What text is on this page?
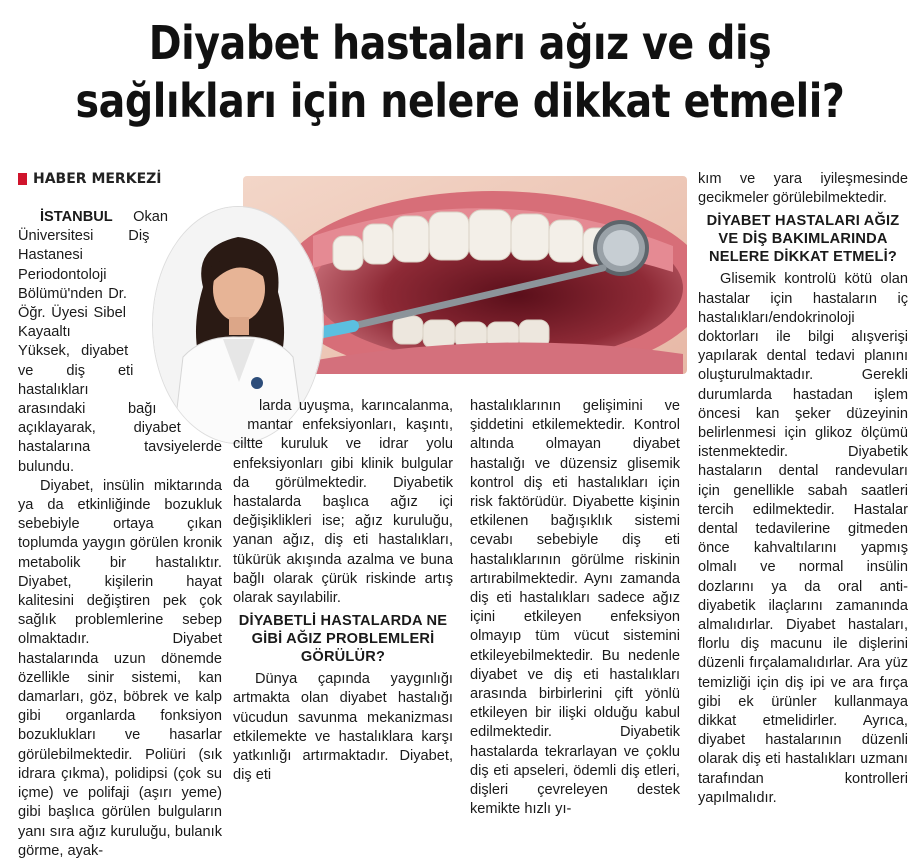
Diyabet hastaları ağız ve diş
sağlıkları için nelere dikkat etmeli?
HABER MERKEZİ

İSTANBUL Okan Üniversitesi Diş Hastanesi Periodontoloji Bölümü'nden Dr. Öğr. Üyesi Sibel Kayaaltı Yüksek, diyabet ve diş eti hastalıkları arasındaki bağı açıklayarak, diyabet hastalarına tavsiyelerde bulundu.

Diyabet, insülin miktarında ya da etkinliğinde bozukluk sebebiyle ortaya çıkan toplumda yaygın görülen kronik metabolik bir hastalıktır. Diyabet, kişilerin hayat kalitesini değiştiren pek çok sağlık problemlerine sebep olmaktadır. Diyabet hastalarında uzun dönemde özellikle sinir sistemi, kan damarları, göz, böbrek ve kalp gibi organlarda fonksiyon bozuklukları ve hasarlar görülebilmektedir. Poliüri (sık idrara çıkma), polidipsi (çok su içme) ve polifaji (aşırı yeme) gibi başlıca görülen bulguların yanı sıra ağız kuruluğu, bulanık görme, ayak-

larda uyuşma, karıncalanma, mantar enfeksiyonları, kaşıntı, ciltte kuruluk ve idrar yolu enfeksiyonları gibi klinik bulgular da görülmektedir. Diyabetik hastalarda başlıca ağız içi değişiklikleri ise; ağız kuruluğu, yanan ağız, diş eti hastalıkları, tükürük akışında azalma ve buna bağlı olarak çürük riskinde artış olarak sayılabilir.

DİYABETLİ HASTALARDA NE GİBİ AĞIZ PROBLEMLERİ GÖRÜLÜR?

Dünya çapında yaygınlığı artmakta olan diyabet hastalığı vücudun savunma mekanizması etkilemekte ve hastalıklara karşı yatkınlığı artırmaktadır. Diyabet, diş eti

hastalıklarının gelişimini ve şiddetini etkilemektedir. Kontrol altında olmayan diyabet hastalığı ve düzensiz glisemik kontrol diş eti hastalıkları için risk faktörüdür. Diyabette kişinin etkilenen bağışıklık sistemi cevabı sebebiyle diş eti hastalıklarının görülme riskinin artırabilmektedir. Aynı zamanda diş eti hastalıkları sadece ağız içini etkileyen enfeksiyon olmayıp tüm vücut sistemini etkileyebilmektedir. Bu nedenle diyabet ve diş eti hastalıkları arasında birbirlerini çift yönlü etkileyen bir ilişki olduğu kabul edilmektedir. Diyabetik hastalarda tekrarlayan ve çoklu diş eti apseleri, ödemli diş etleri, dişleri çevreleyen destek kemikte hızlı yı-

kım ve yara iyileşmesinde gecikmeler görülebilmektedir.

DİYABET HASTALARI AĞIZ VE DİŞ BAKIMLARINDA NELERE DİKKAT ETMELİ?

Glisemik kontrolü kötü olan hastalar için hastaların iç hastalıkları/endokrinoloji doktorları ile bilgi alışverişi yapılarak dental tedavi planını oluşturulmaktadır. Gerekli durumlarda hastadan işlem öncesi kan şeker düzeyinin belirlenmesi için glikoz ölçümü istenmektedir. Diyabetik hastaların dental randevuları için genellikle sabah saatleri tercih edilmektedir. Hastalar dental tedavilerine gitmeden önce kahvaltılarını yapmış olmalı ve normal insülin dozlarını ya da oral anti-diyabetik ilaçlarını zamanında almalıdırlar. Diyabet hastaları, florlu diş macunu ile dişlerini düzenli fırçalamalıdırlar. Ara yüz temizliği için diş ipi ve ara fırça gibi ek ürünler kullanmaya dikkat etmelidirler. Ayrıca, diyabet hastalarının düzenli olarak diş eti hastalıkları uzmanı tarafından kontrolleri yapılmalıdır.
